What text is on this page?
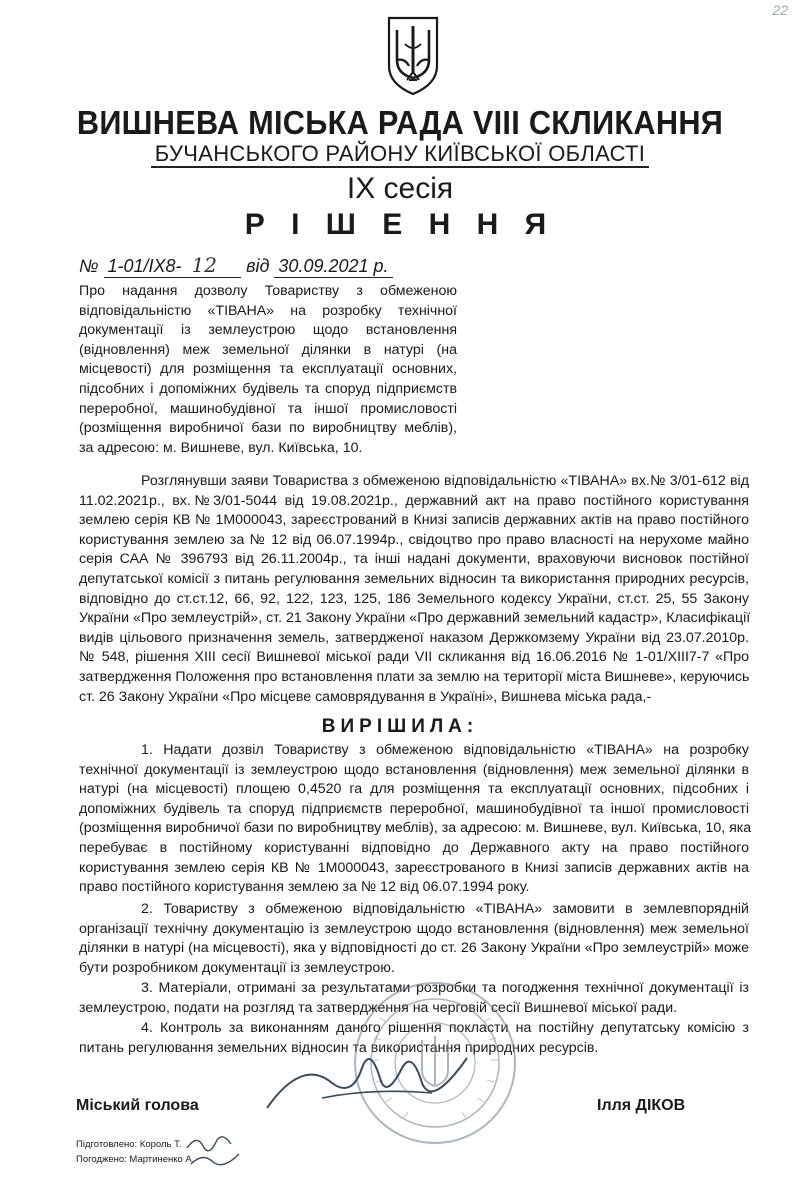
22
ВИШНЕВА МІСЬКА РАДА VIII СКЛИКАННЯ
БУЧАНСЬКОГО РАЙОНУ КИЇВСЬКОЇ ОБЛАСТІ
IX сесія
Р І Ш Е Н Н Я
№ 1-01/IX8- 12 від 30.09.2021 р.
Про надання дозволу Товариству з обмеженою
відповідальністю «ТІВАНА» на розробку технічної
документації із землеустрою щодо встановлення
(відновлення) меж земельної ділянки в натурі (на
місцевості) для розміщення та експлуатації основних,
підсобних і допоміжних будівель та споруд підприємств
переробної, машинобудівної та іншої промисловості
(розміщення виробничої бази по виробництву меблів),
за адресою: м. Вишневе, вул. Київська, 10.
Розглянувши заяви Товариства з обмеженою відповідальністю «ТІВАНА» вх.№ 3/01-612 від
11.02.2021р., вх.№3/01-5044 від 19.08.2021р., державний акт на право постійного користування
землею серія КВ № 1М000043, зареєстрований в Книзі записів державних актів на право постійного
користування землею за № 12 від 06.07.1994р., свідоцтво про право власності на нерухоме майно
серія САА № 396793 від 26.11.2004р., та інші надані документи, враховуючи висновок постійної
депутатської комісії з питань регулювання земельних відносин та використання природних ресурсів,
відповідно до ст.ст.12, 66, 92, 122, 123, 125, 186 Земельного кодексу України, ст.ст. 25, 55 Закону
України «Про землеустрій», ст. 21 Закону України «Про державний земельний кадастр», Класифікації
видів цільового призначення земель, затвердженої наказом Держкомзему України від 23.07.2010р.
№ 548, рішення XIII сесії Вишневої міської ради VII скликання від 16.06.2016 № 1-01/XIII7-7 «Про
затвердження Положення про встановлення плати за землю на території міста Вишневе», керуючись
ст. 26 Закону України «Про місцеве самоврядування в Україні», Вишнева міська рада,-
ВИРІШИЛА:
1. Надати дозвіл Товариству з обмеженою відповідальністю «ТІВАНА» на розробку
технічної документації із землеустрою щодо встановлення (відновлення) меж земельної ділянки в
натурі (на місцевості) площею 0,4520 га для розміщення та експлуатації основних, підсобних і
допоміжних будівель та споруд підприємств переробної, машинобудівної та іншої промисловості
(розміщення виробничої бази по виробництву меблів), за адресою: м. Вишневе, вул. Київська, 10, яка
перебуває в постійному користуванні відповідно до Державного акту на право постійного
користування землею серія КВ № 1М000043, зареєстрованого в Книзі записів державних актів на
право постійного користування землею за № 12 від 06.07.1994 року.
2. Товариству з обмеженою відповідальністю «ТІВАНА» замовити в землевпорядній
організації технічну документацію із землеустрою щодо встановлення (відновлення) меж земельної
ділянки в натурі (на місцевості), яка у відповідності до ст. 26 Закону України «Про землеустрій» може
бути розробником документації із землеустрою.
3. Матеріали, отримані за результатами розробки та погодження технічної документації із
землеустрою, подати на розгляд та затвердження на черговій сесії Вишневої міської ради.
4. Контроль за виконанням даного рішення покласти на постійну депутатську комісію з
питань регулювання земельних відносин та використання природних ресурсів.
Міський голова	Ілля ДІКОВ
Підготовлено: Король Т.
Погоджено: Мартиненко А.
